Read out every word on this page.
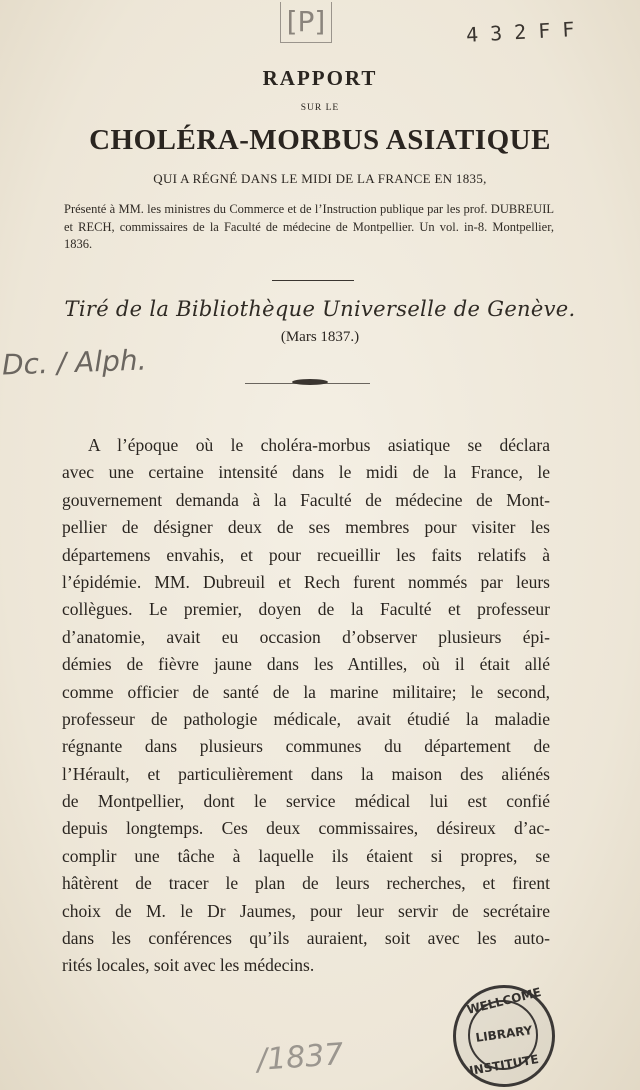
[P]	4 3 2 F F
RAPPORT
SUR LE
CHOLÉRA-MORBUS ASIATIQUE
QUI A RÉGNÉ DANS LE MIDI DE LA FRANCE EN 1835,
Présenté à MM. les ministres du Commerce et de l’Instruction publique par les prof. DUBREUIL et RECH, commissaires de la Faculté de médecine de Montpellier. Un vol. in-8. Montpellier, 1836.
Tiré de la Bibliothèque Universelle de Genève.
(Mars 1837.)
Dc. / Alph.
A l’époque où le choléra-morbus asiatique se déclara
avec une certaine intensité dans le midi de la France, le
gouvernement demanda à la Faculté de médecine de Mont-
pellier de désigner deux de ses membres pour visiter les
départemens envahis, et pour recueillir les faits relatifs à
l’épidémie. MM. Dubreuil et Rech furent nommés par leurs
collègues. Le premier, doyen de la Faculté et professeur
d’anatomie, avait eu occasion d’observer plusieurs épi-
démies de fièvre jaune dans les Antilles, où il était allé
comme officier de santé de la marine militaire; le second,
professeur de pathologie médicale, avait étudié la maladie
régnante dans plusieurs communes du département de
l’Hérault, et particulièrement dans la maison des aliénés
de Montpellier, dont le service médical lui est confié
depuis longtemps. Ces deux commissaires, désireux d’ac-
complir une tâche à laquelle ils étaient si propres, se
hâtèrent de tracer le plan de leurs recherches, et firent
choix de M. le Dr Jaumes, pour leur servir de secrétaire
dans les conférences qu’ils auraient, soit avec les auto-
rités locales, soit avec les médecins.
WELLCOME
LIBRARY
INSTITUTE
/1837
